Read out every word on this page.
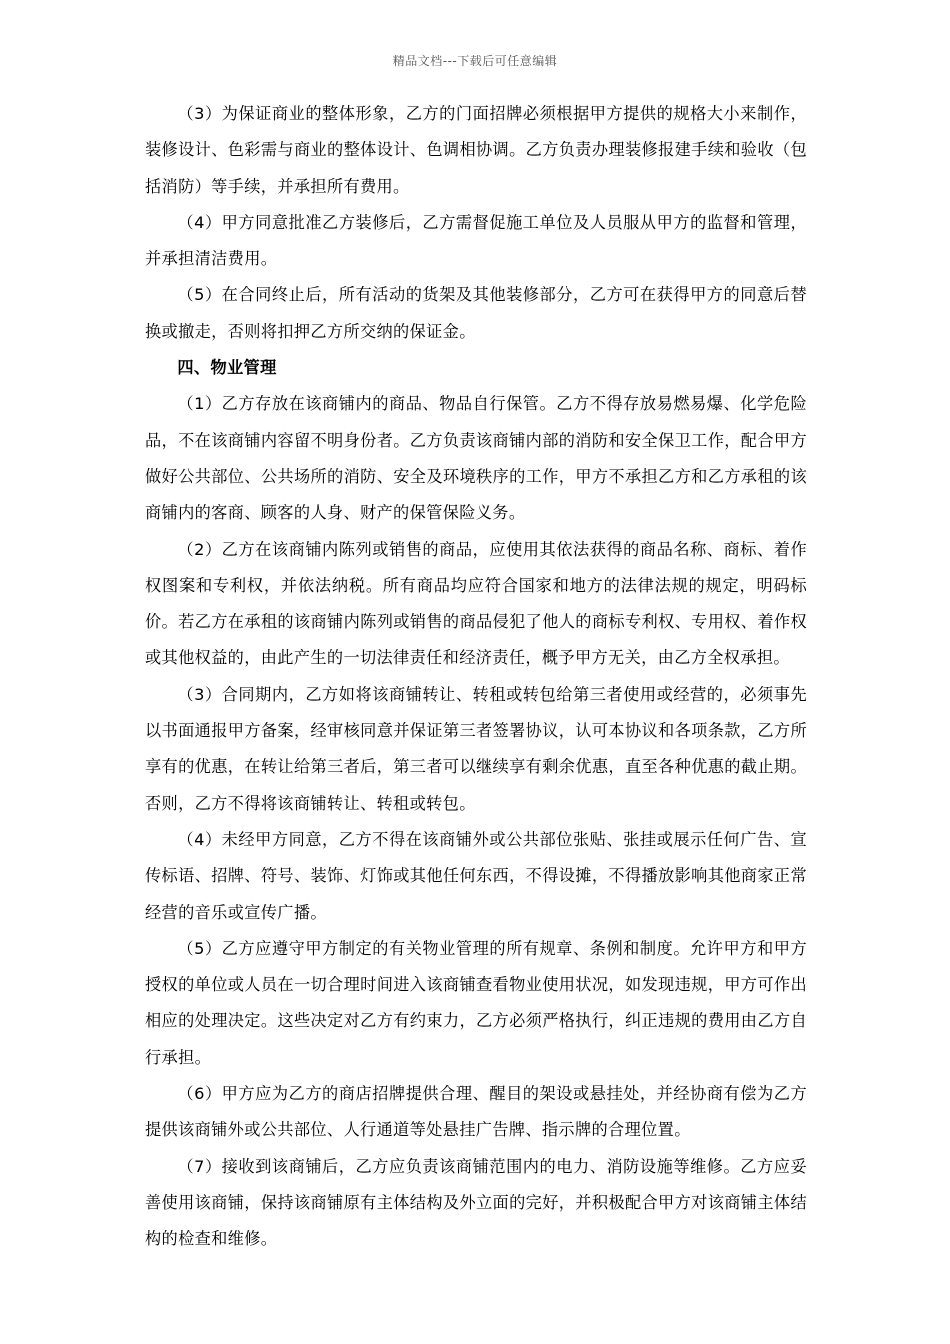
精品文档---下载后可任意编辑

（3）为保证商业的整体形象，乙方的门面招牌必须根据甲方提供的规格大小来制作，装修设计、色彩需与商业的整体设计、色调相协调。乙方负责办理装修报建手续和验收（包括消防）等手续，并承担所有费用。

（4）甲方同意批准乙方装修后，乙方需督促施工单位及人员服从甲方的监督和管理，并承担清洁费用。

（5）在合同终止后，所有活动的货架及其他装修部分，乙方可在获得甲方的同意后替换或撤走，否则将扣押乙方所交纳的保证金。

四、物业管理

（1）乙方存放在该商铺内的商品、物品自行保管。乙方不得存放易燃易爆、化学危险品，不在该商铺内容留不明身份者。乙方负责该商铺内部的消防和安全保卫工作，配合甲方做好公共部位、公共场所的消防、安全及环境秩序的工作，甲方不承担乙方和乙方承租的该商铺内的客商、顾客的人身、财产的保管保险义务。

（2）乙方在该商铺内陈列或销售的商品，应使用其依法获得的商品名称、商标、着作权图案和专利权，并依法纳税。所有商品均应符合国家和地方的法律法规的规定，明码标价。若乙方在承租的该商铺内陈列或销售的商品侵犯了他人的商标专利权、专用权、着作权或其他权益的，由此产生的一切法律责任和经济责任，概予甲方无关，由乙方全权承担。

（3）合同期内，乙方如将该商铺转让、转租或转包给第三者使用或经营的，必须事先以书面通报甲方备案，经审核同意并保证第三者签署协议，认可本协议和各项条款，乙方所享有的优惠，在转让给第三者后，第三者可以继续享有剩余优惠，直至各种优惠的截止期。否则，乙方不得将该商铺转让、转租或转包。

（4）未经甲方同意，乙方不得在该商铺外或公共部位张贴、张挂或展示任何广告、宣传标语、招牌、符号、装饰、灯饰或其他任何东西，不得设摊，不得播放影响其他商家正常经营的音乐或宣传广播。

（5）乙方应遵守甲方制定的有关物业管理的所有规章、条例和制度。允许甲方和甲方授权的单位或人员在一切合理时间进入该商铺查看物业使用状况，如发现违规，甲方可作出相应的处理决定。这些决定对乙方有约束力，乙方必须严格执行，纠正违规的费用由乙方自行承担。

（6）甲方应为乙方的商店招牌提供合理、醒目的架设或悬挂处，并经协商有偿为乙方提供该商铺外或公共部位、人行通道等处悬挂广告牌、指示牌的合理位置。

（7）接收到该商铺后，乙方应负责该商铺范围内的电力、消防设施等维修。乙方应妥善使用该商铺，保持该商铺原有主体结构及外立面的完好，并积极配合甲方对该商铺主体结构的检查和维修。
